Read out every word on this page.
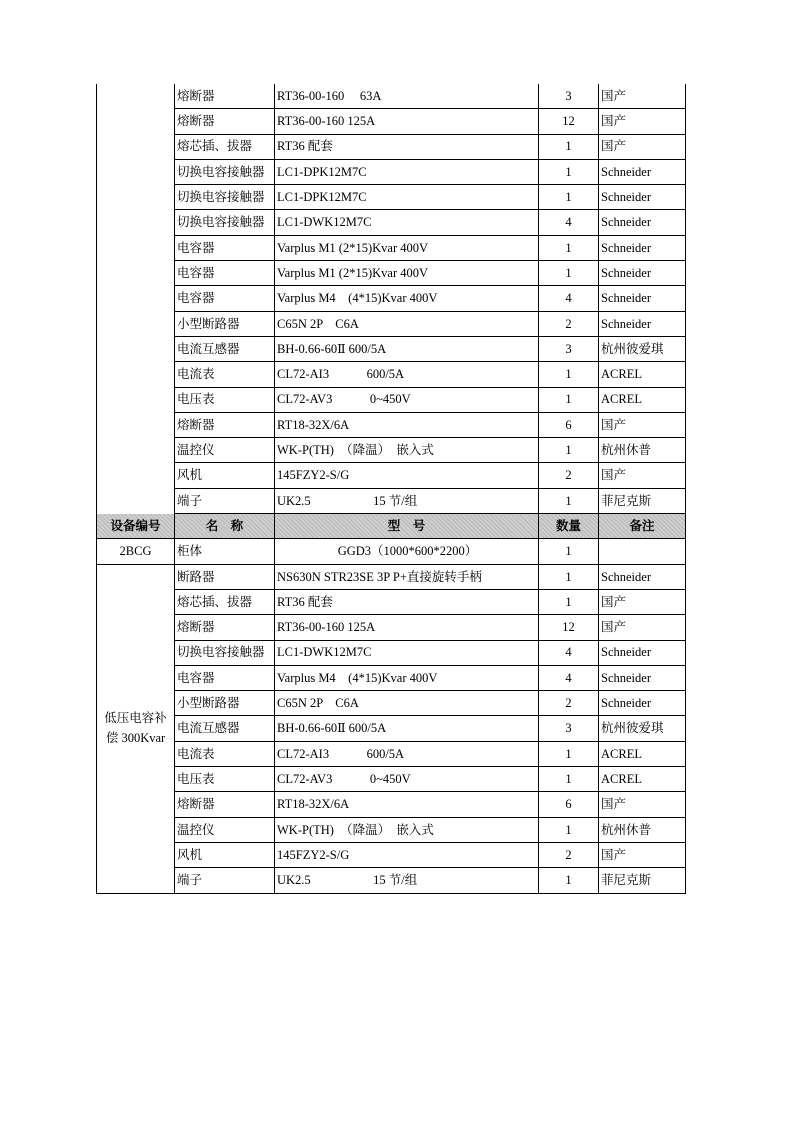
	熔断器	RT36-00-160　 63A	3	国产
	熔断器	RT36-00-160 125A	12	国产
	熔芯插、拔器	RT36 配套	1	国产
	切换电容接触器	LC1-DPK12M7C	1	Schneider
	切换电容接触器	LC1-DPK12M7C	1	Schneider
	切换电容接触器	LC1-DWK12M7C	4	Schneider
	电容器	Varplus M1 (2*15)Kvar 400V	1	Schneider
	电容器	Varplus M1 (2*15)Kvar 400V	1	Schneider
	电容器	Varplus M4　(4*15)Kvar 400V	4	Schneider
	小型断路器	C65N 2P　C6A	2	Schneider
	电流互感器	BH-0.66-60Ⅱ 600/5A	3	杭州彼爱琪
	电流表	CL72-AI3　　　600/5A	1	ACREL
	电压表	CL72-AV3　　　0~450V	1	ACREL
	熔断器	RT18-32X/6A	6	国产
	温控仪	WK-P(TH)　（降温）　嵌入式	1	杭州休普
	风机	145FZY2-S/G	2	国产
	端子	UK2.5　　　　　15 节/组	1	菲尼克斯
设备编号	名　称	型　号	数量	备注
2BCG	柜体	GGD3（1000*600*2200）	1	
低压电容补偿 300Kvar	断路器	NS630N STR23SE 3P P+直接旋转手柄	1	Schneider
	熔芯插、拔器	RT36 配套	1	国产
	熔断器	RT36-00-160 125A	12	国产
	切换电容接触器	LC1-DWK12M7C	4	Schneider
	电容器	Varplus M4　(4*15)Kvar 400V	4	Schneider
	小型断路器	C65N 2P　C6A	2	Schneider
	电流互感器	BH-0.66-60Ⅱ 600/5A	3	杭州彼爱琪
	电流表	CL72-AI3　　　600/5A	1	ACREL
	电压表	CL72-AV3　　　0~450V	1	ACREL
	熔断器	RT18-32X/6A	6	国产
	温控仪	WK-P(TH)　（降温）　嵌入式	1	杭州休普
	风机	145FZY2-S/G	2	国产
	端子	UK2.5　　　　　15 节/组	1	菲尼克斯
